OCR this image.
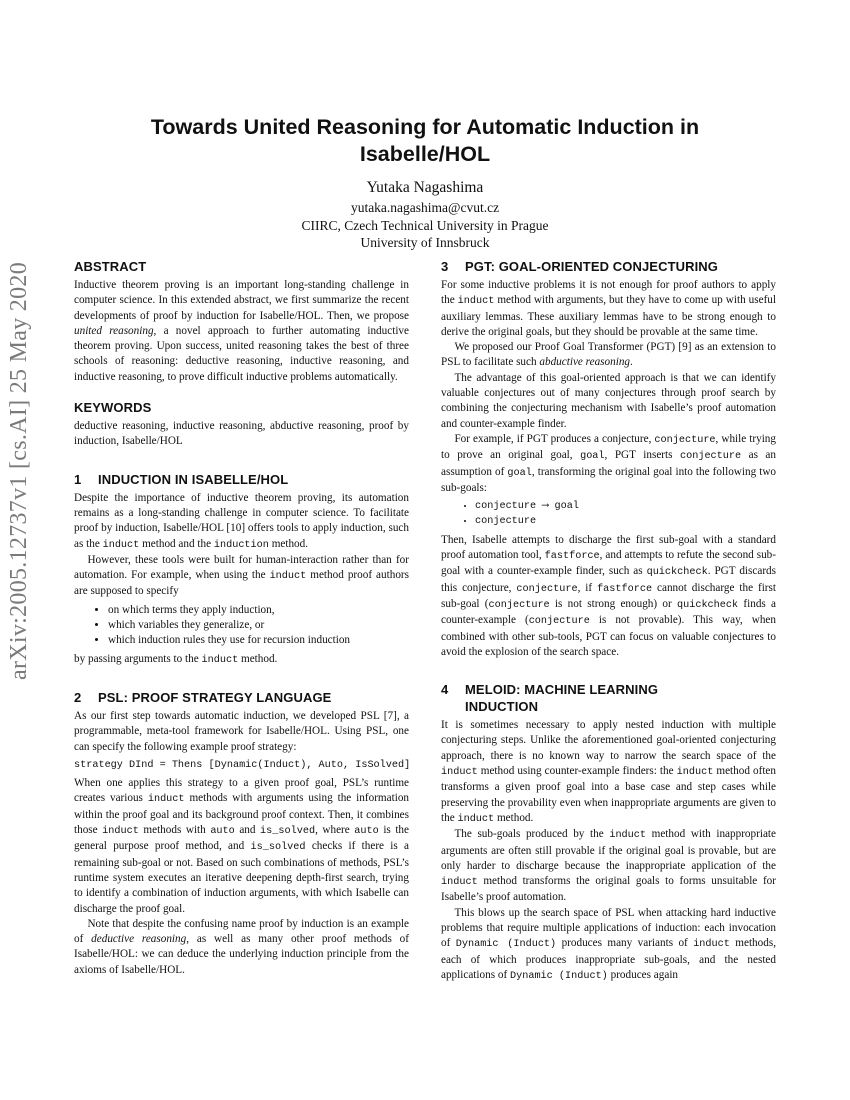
arXiv:2005.12737v1 [cs.AI] 25 May 2020
Towards United Reasoning for Automatic Induction in Isabelle/HOL
Yutaka Nagashima
yutaka.nagashima@cvut.cz
CIIRC, Czech Technical University in Prague
University of Innsbruck
ABSTRACT

Inductive theorem proving is an important long-standing challenge in computer science. In this extended abstract, we first summarize the recent developments of proof by induction for Isabelle/HOL. Then, we propose united reasoning, a novel approach to further automating inductive theorem proving. Upon success, united reasoning takes the best of three schools of reasoning: deductive reasoning, inductive reasoning, and inductive reasoning, to prove difficult inductive problems automatically.

KEYWORDS

deductive reasoning, inductive reasoning, abductive reasoning, proof by induction, Isabelle/HOL

1	INDUCTION IN ISABELLE/HOL

Despite the importance of inductive theorem proving, its automation remains as a long-standing challenge in computer science. To facilitate proof by induction, Isabelle/HOL [10] offers tools to apply induction, such as the induct method and the induction method.

However, these tools were built for human-interaction rather than for automation. For example, when using the induct method proof authors are supposed to specify

• on which terms they apply induction,
• which variables they generalize, or
• which induction rules they use for recursion induction

by passing arguments to the induct method.

2	PSL: PROOF STRATEGY LANGUAGE

As our first step towards automatic induction, we developed PSL [7], a programmable, meta-tool framework for Isabelle/HOL. Using PSL, one can specify the following example proof strategy:

strategy DInd = Thens [Dynamic(Induct), Auto, IsSolved]

When one applies this strategy to a given proof goal, PSL’s runtime creates various induct methods with arguments using the information within the proof goal and its background proof context. Then, it combines those induct methods with auto and is_solved, where auto is the general purpose proof method, and is_solved checks if there is a remaining sub-goal or not. Based on such combinations of methods, PSL’s runtime system executes an iterative deepening depth-first search, trying to identify a combination of induction arguments, with which Isabelle can discharge the proof goal.

Note that despite the confusing name proof by induction is an example of deductive reasoning, as well as many other proof methods of Isabelle/HOL: we can deduce the underlying induction principle from the axioms of Isabelle/HOL.

3	PGT: GOAL-ORIENTED CONJECTURING

For some inductive problems it is not enough for proof authors to apply the induct method with arguments, but they have to come up with useful auxiliary lemmas. These auxiliary lemmas have to be strong enough to derive the original goals, but they should be provable at the same time.

We proposed our Proof Goal Transformer (PGT) [9] as an extension to PSL to facilitate such abductive reasoning.

The advantage of this goal-oriented approach is that we can identify valuable conjectures out of many conjectures through proof search by combining the conjecturing mechanism with Isabelle’s proof automation and counter-example finder.

For example, if PGT produces a conjecture, conjecture, while trying to prove an original goal, goal, PGT inserts conjecture as an assumption of goal, transforming the original goal into the following two sub-goals:

• conjecture ⟶ goal
• conjecture

Then, Isabelle attempts to discharge the first sub-goal with a standard proof automation tool, fastforce, and attempts to refute the second sub-goal with a counter-example finder, such as quickcheck. PGT discards this conjecture, conjecture, if fastforce cannot discharge the first sub-goal (conjecture is not strong enough) or quickcheck finds a counter-example (conjecture is not provable). This way, when combined with other sub-tools, PGT can focus on valuable conjectures to avoid the explosion of the search space.

4	MELOID: MACHINE LEARNING
INDUCTION

It is sometimes necessary to apply nested induction with multiple conjecturing steps. Unlike the aforementioned goal-oriented conjecturing approach, there is no known way to narrow the search space of the induct method using counter-example finders: the induct method often transforms a given proof goal into a base case and step cases while preserving the provability even when inappropriate arguments are given to the induct method.

The sub-goals produced by the induct method with inappropriate arguments are often still provable if the original goal is provable, but are only harder to discharge because the inappropriate application of the induct method transforms the original goals to forms unsuitable for Isabelle’s proof automation.

This blows up the search space of PSL when attacking hard inductive problems that require multiple applications of induction: each invocation of Dynamic (Induct) produces many variants of induct methods, each of which produces inappropriate sub-goals, and the nested applications of Dynamic (Induct) produces again
